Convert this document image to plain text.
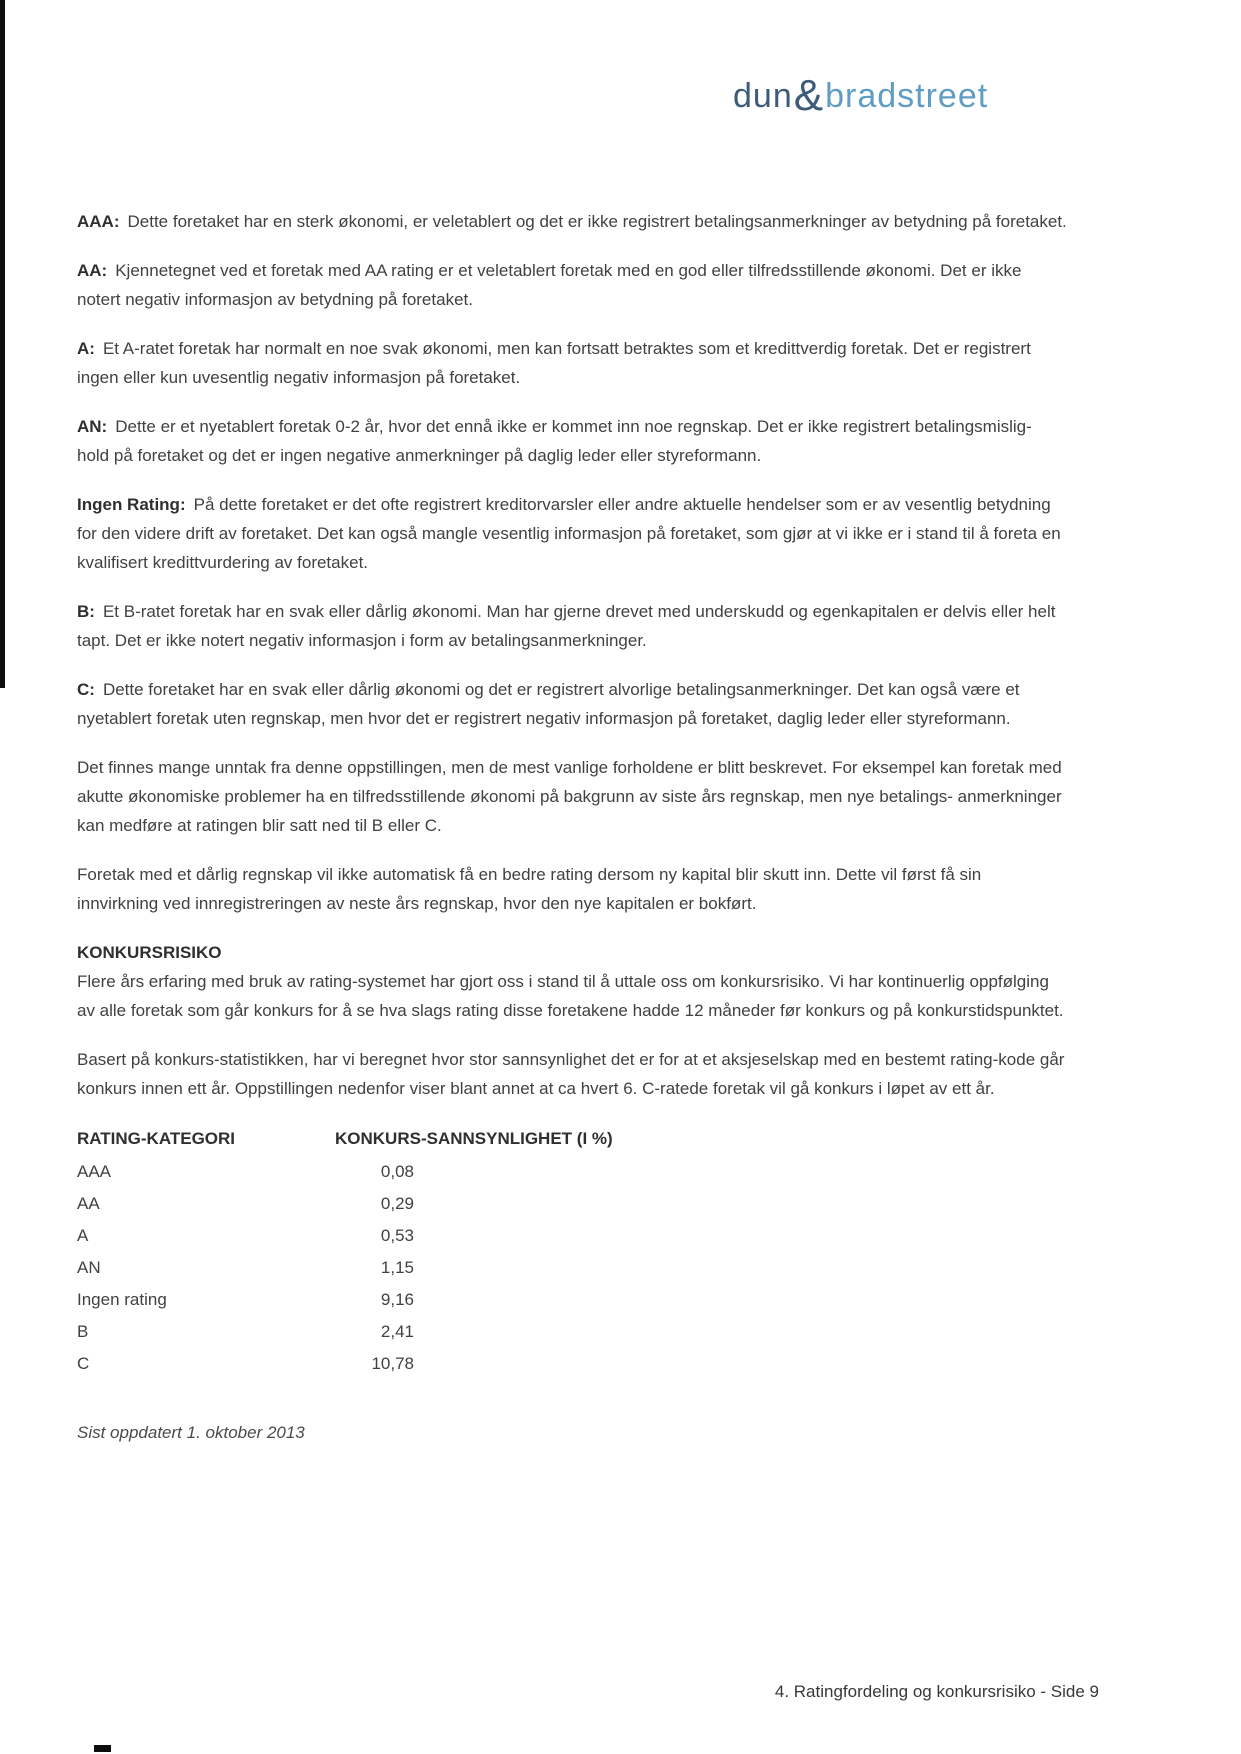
dun&bradstreet

AAA: Dette foretaket har en sterk økonomi, er veletablert og det er ikke registrert betalingsanmerkninger av betydning på foretaket.

AA: Kjennetegnet ved et foretak med AA rating er et veletablert foretak med en god eller tilfredsstillende økonomi. Det er ikke notert negativ informasjon av betydning på foretaket.

A: Et A-ratet foretak har normalt en noe svak økonomi, men kan fortsatt betraktes som et kredittverdig foretak. Det er registrert ingen eller kun uvesentlig negativ informasjon på foretaket.

AN: Dette er et nyetablert foretak 0-2 år, hvor det ennå ikke er kommet inn noe regnskap. Det er ikke registrert betalingsmislig- hold på foretaket og det er ingen negative anmerkninger på daglig leder eller styreformann.

Ingen Rating: På dette foretaket er det ofte registrert kreditorvarsler eller andre aktuelle hendelser som er av vesentlig betydning for den videre drift av foretaket. Det kan også mangle vesentlig informasjon på foretaket, som gjør at vi ikke er i stand til å foreta en kvalifisert kredittvurdering av foretaket.

B: Et B-ratet foretak har en svak eller dårlig økonomi. Man har gjerne drevet med underskudd og egenkapitalen er delvis eller helt tapt. Det er ikke notert negativ informasjon i form av betalingsanmerkninger.

C: Dette foretaket har en svak eller dårlig økonomi og det er registrert alvorlige betalingsanmerkninger. Det kan også være et nyetablert foretak uten regnskap, men hvor det er registrert negativ informasjon på foretaket, daglig leder eller styreformann.

Det finnes mange unntak fra denne oppstillingen, men de mest vanlige forholdene er blitt beskrevet. For eksempel kan foretak med akutte økonomiske problemer ha en tilfredsstillende økonomi på bakgrunn av siste års regnskap, men nye betalings- anmerkninger kan medføre at ratingen blir satt ned til B eller C.

Foretak med et dårlig regnskap vil ikke automatisk få en bedre rating dersom ny kapital blir skutt inn. Dette vil først få sin innvirkning ved innregistreringen av neste års regnskap, hvor den nye kapitalen er bokført.

KONKURSRISIKO
Flere års erfaring med bruk av rating-systemet har gjort oss i stand til å uttale oss om konkursrisiko. Vi har kontinuerlig oppfølging av alle foretak som går konkurs for å se hva slags rating disse foretakene hadde 12 måneder før konkurs og på konkurstidspunktet.

Basert på konkurs-statistikken, har vi beregnet hvor stor sannsynlighet det er for at et aksjeselskap med en bestemt rating-kode går konkurs innen ett år. Oppstillingen nedenfor viser blant annet at ca hvert 6. C-ratede foretak vil gå konkurs i løpet av ett år.

RATING-KATEGORI	KONKURS-SANNSYNLIGHET (I %)
AAA	0,08
AA	0,29
A	0,53
AN	1,15
Ingen rating	9,16
B	2,41
C	10,78

Sist oppdatert 1. oktober 2013

4. Ratingfordeling og konkursrisiko - Side 9
